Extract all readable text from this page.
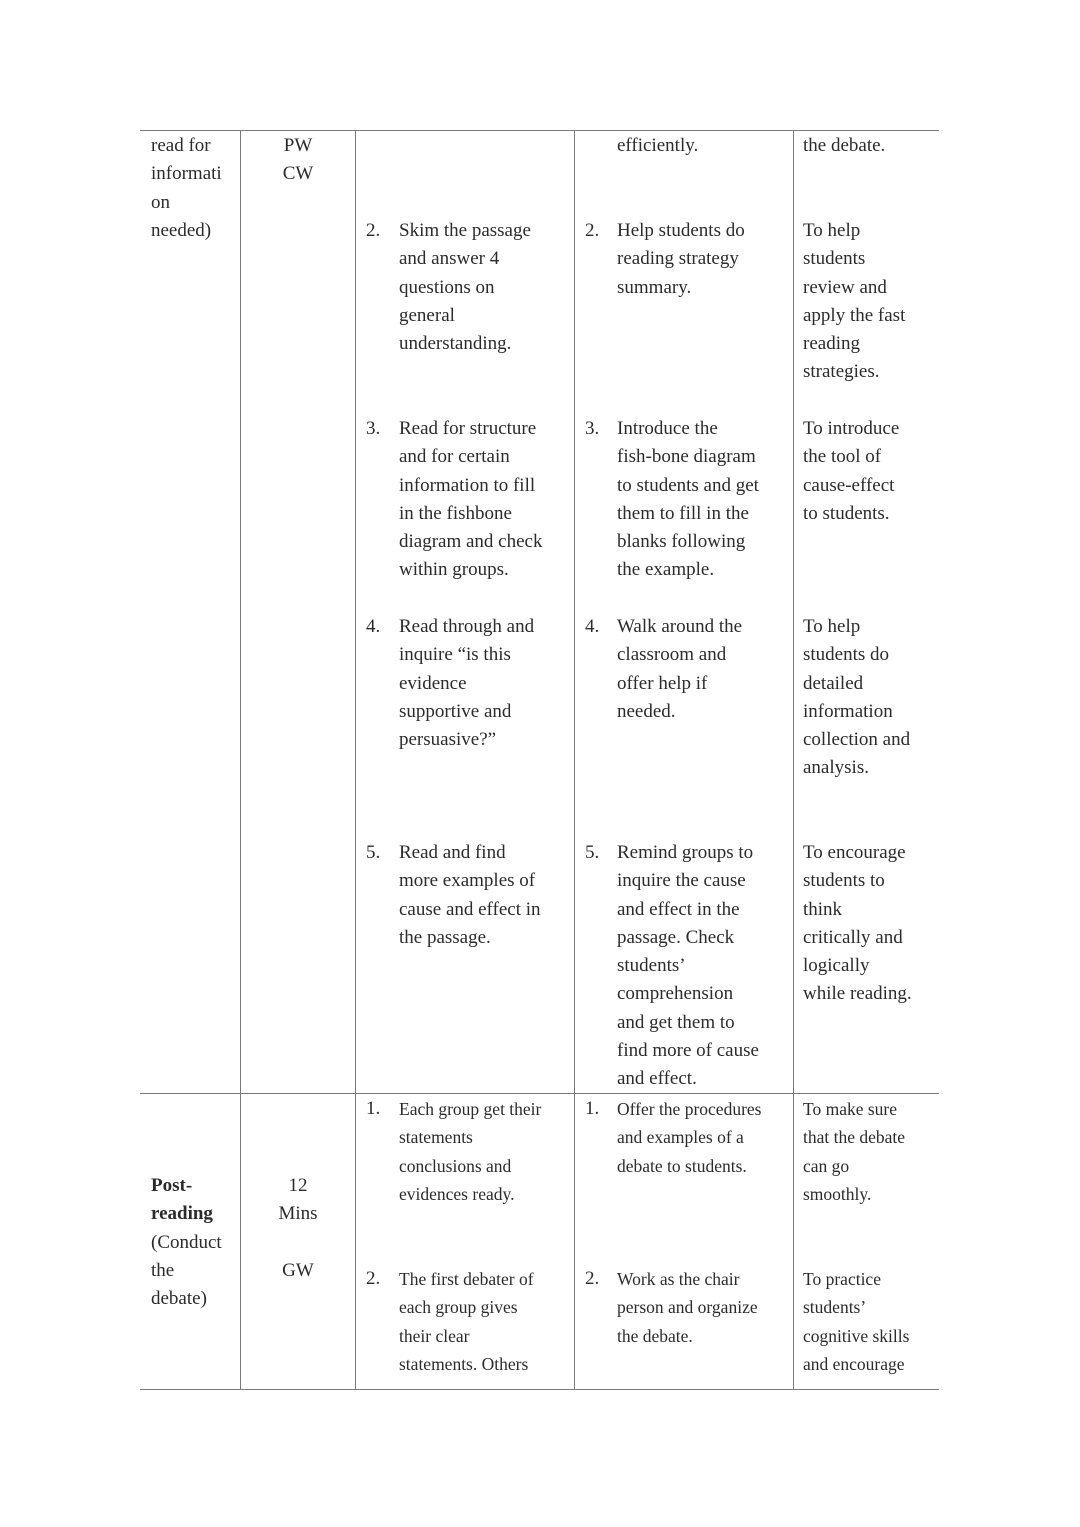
read for
informati
on
needed)
PW
CW
efficiently.	the debate.
2. Skim the passage
and answer 4
questions on
general
understanding.
2. Help students do
reading strategy
summary.
To help
students
review and
apply the fast
reading
strategies.
3. Read for structure
and for certain
information to fill
in the fishbone
diagram and check
within groups.
3. Introduce the
fish-bone diagram
to students and get
them to fill in the
blanks following
the example.
To introduce
the tool of
cause-effect
to students.
4. Read through and
inquire “is this
evidence
supportive and
persuasive?”
4. Walk around the
classroom and
offer help if
needed.
To help
students do
detailed
information
collection and
analysis.
5. Read and find
more examples of
cause and effect in
the passage.
5. Remind groups to
inquire the cause
and effect in the
passage. Check
students’
comprehension
and get them to
find more of cause
and effect.
To encourage
students to
think
critically and
logically
while reading.
Post-
reading
(Conduct
the
debate)
12
Mins
GW
1. Each group get their
statements
conclusions and
evidences ready.
1. Offer the procedures
and examples of a
debate to students.
To make sure
that the debate
can go
smoothly.
2. The first debater of
each group gives
their clear
statements. Others
2. Work as the chair
person and organize
the debate.
To practice
students’
cognitive skills
and encourage
